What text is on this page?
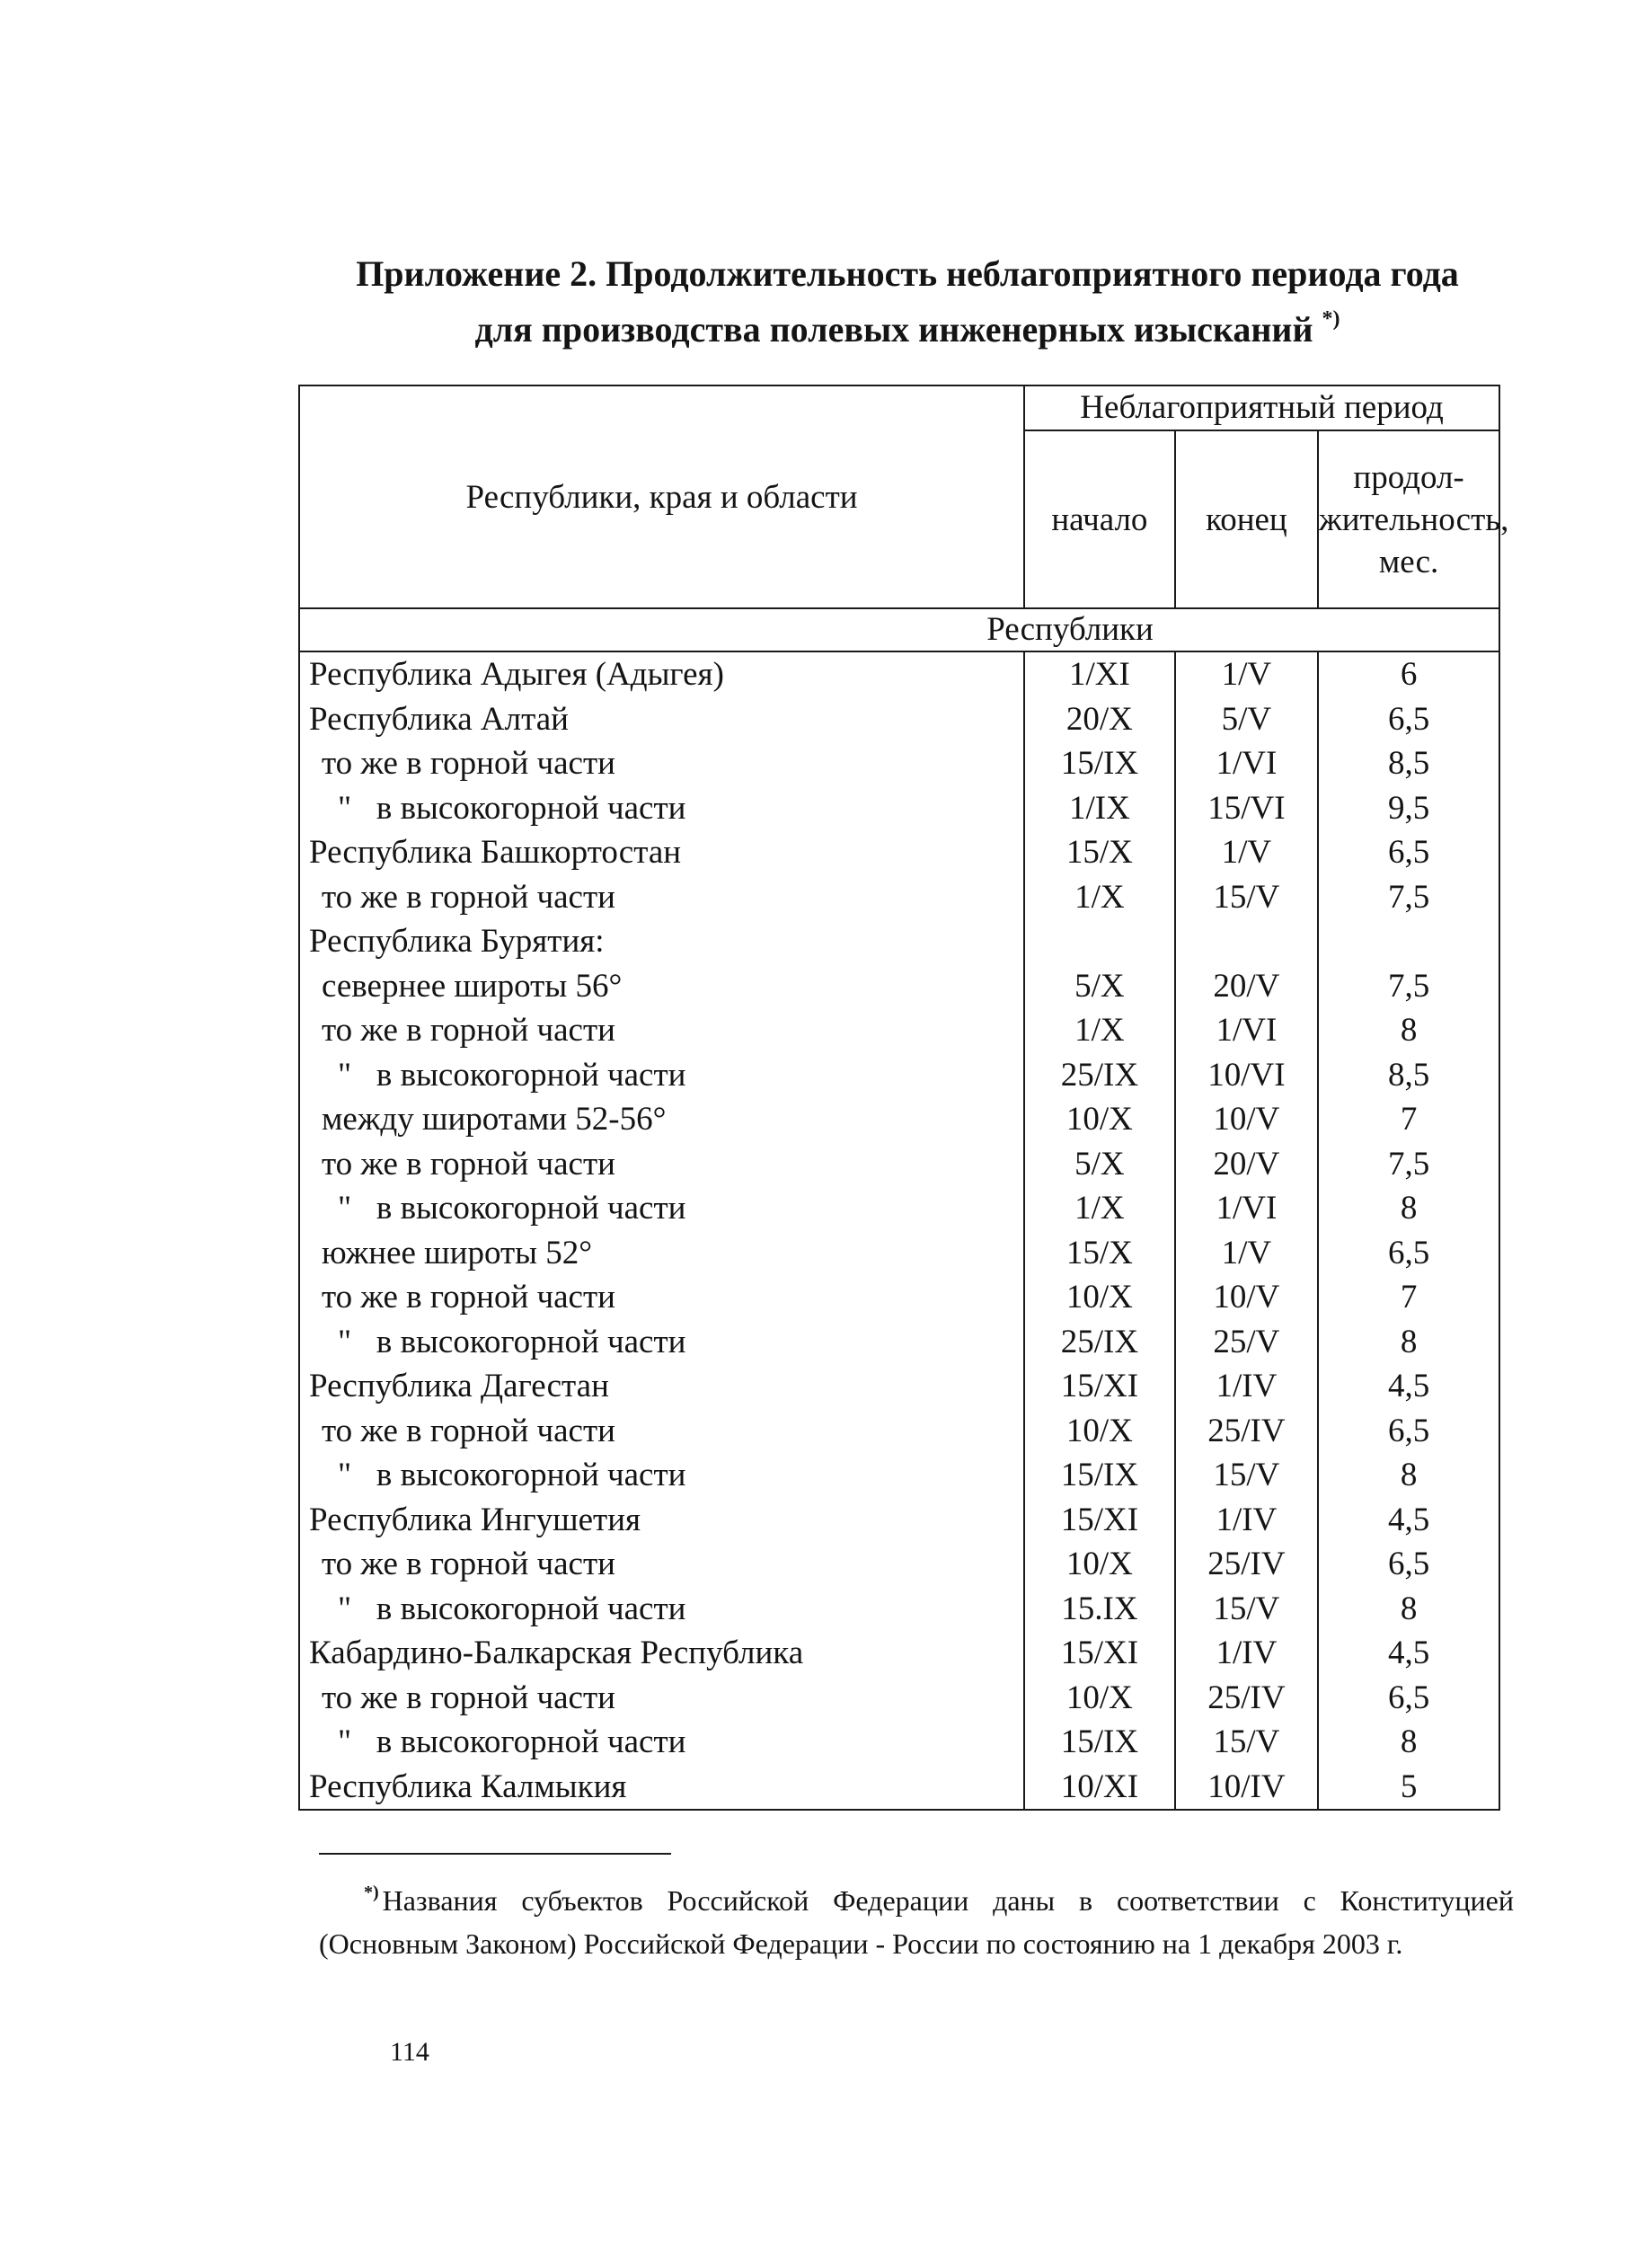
Приложение 2. Продолжительность неблагоприятного периода года
для производства полевых инженерных изысканий *)
Республики, края и области	Неблагоприятный период		
	начало	конец	продол-жительность, мес.
Республики			
Республика Адыгея (Адыгея)	1/XI	1/V	6
Республика Алтай	20/X	5/V	6,5
то же в горной части	15/IX	1/VI	8,5
"   в высокогорной части	1/IX	15/VI	9,5
Республика Башкортостан	15/X	1/V	6,5
то же в горной части	1/X	15/V	7,5
Республика Бурятия:			
севернее широты 56°	5/X	20/V	7,5
то же в горной части	1/X	1/VI	8
"   в высокогорной части	25/IX	10/VI	8,5
между широтами 52-56°	10/X	10/V	7
то же в горной части	5/X	20/V	7,5
"   в высокогорной части	1/X	1/VI	8
южнее широты 52°	15/X	1/V	6,5
то же в горной части	10/X	10/V	7
"   в высокогорной части	25/IX	25/V	8
Республика Дагестан	15/XI	1/IV	4,5
то же в горной части	10/X	25/IV	6,5
"   в высокогорной части	15/IX	15/V	8
Республика Ингушетия	15/XI	1/IV	4,5
то же в горной части	10/X	25/IV	6,5
"   в высокогорной части	15.IX	15/V	8
Кабардино-Балкарская Республика	15/XI	1/IV	4,5
то же в горной части	10/X	25/IV	6,5
"   в высокогорной части	15/IX	15/V	8
Республика Калмыкия	10/XI	10/IV	5

*) Названия субъектов Российской Федерации даны в соответствии с Конституцией (Основным Законом) Российской Федерации - России по состоянию на 1 декабря 2003 г.

114
